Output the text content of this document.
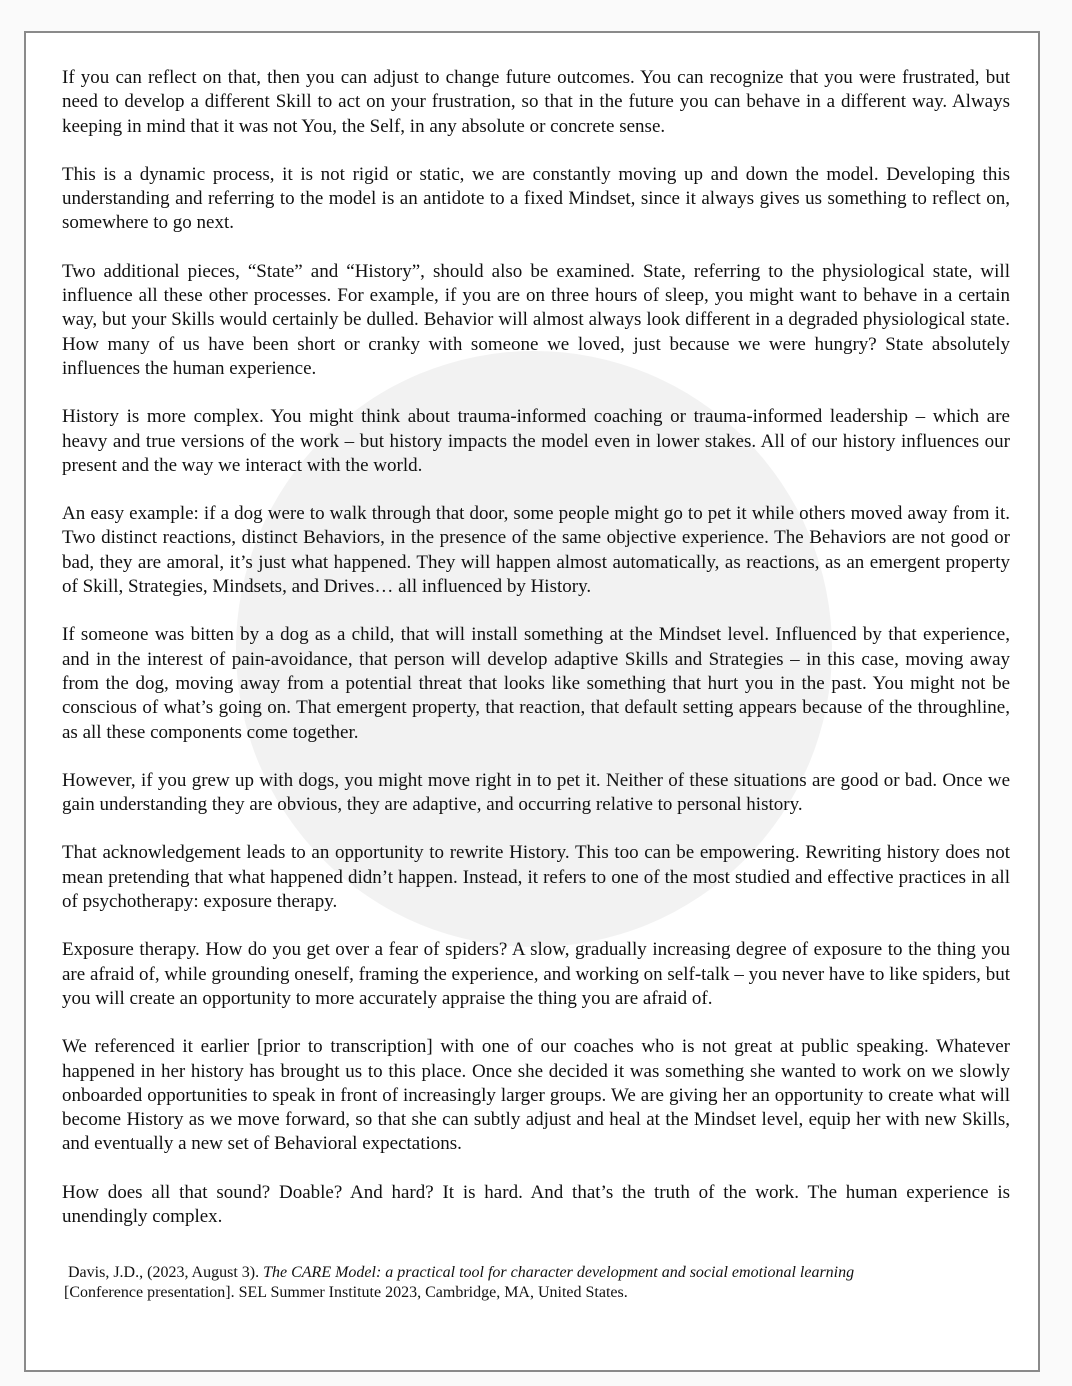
If you can reflect on that, then you can adjust to change future outcomes. You can recognize that you were frustrated, but need to develop a different Skill to act on your frustration, so that in the future you can behave in a different way. Always keeping in mind that it was not You, the Self, in any absolute or concrete sense.

This is a dynamic process, it is not rigid or static, we are constantly moving up and down the model. Developing this understanding and referring to the model is an antidote to a fixed Mindset, since it always gives us something to reflect on, somewhere to go next.

Two additional pieces, “State” and “History”, should also be examined. State, referring to the physiological state, will influence all these other processes. For example, if you are on three hours of sleep, you might want to behave in a certain way, but your Skills would certainly be dulled. Behavior will almost always look different in a degraded physiological state. How many of us have been short or cranky with someone we loved, just because we were hungry? State absolutely influences the human experience.

History is more complex. You might think about trauma-informed coaching or trauma-informed leadership – which are heavy and true versions of the work – but history impacts the model even in lower stakes. All of our history influences our present and the way we interact with the world.

An easy example: if a dog were to walk through that door, some people might go to pet it while others moved away from it. Two distinct reactions, distinct Behaviors, in the presence of the same objective experience. The Behaviors are not good or bad, they are amoral, it’s just what happened. They will happen almost automatically, as reactions, as an emergent property of Skill, Strategies, Mindsets, and Drives… all influenced by History.

If someone was bitten by a dog as a child, that will install something at the Mindset level. Influenced by that experience, and in the interest of pain-avoidance, that person will develop adaptive Skills and Strategies – in this case, moving away from the dog, moving away from a potential threat that looks like something that hurt you in the past. You might not be conscious of what’s going on. That emergent property, that reaction, that default setting appears because of the throughline, as all these components come together.

However, if you grew up with dogs, you might move right in to pet it. Neither of these situations are good or bad. Once we gain understanding they are obvious, they are adaptive, and occurring relative to personal history.

That acknowledgement leads to an opportunity to rewrite History. This too can be empowering. Rewriting history does not mean pretending that what happened didn’t happen. Instead, it refers to one of the most studied and effective practices in all of psychotherapy: exposure therapy.

Exposure therapy. How do you get over a fear of spiders? A slow, gradually increasing degree of exposure to the thing you are afraid of, while grounding oneself, framing the experience, and working on self-talk – you never have to like spiders, but you will create an opportunity to more accurately appraise the thing you are afraid of.

We referenced it earlier [prior to transcription] with one of our coaches who is not great at public speaking. Whatever happened in her history has brought us to this place. Once she decided it was something she wanted to work on we slowly onboarded opportunities to speak in front of increasingly larger groups. We are giving her an opportunity to create what will become History as we move forward, so that she can subtly adjust and heal at the Mindset level, equip her with new Skills, and eventually a new set of Behavioral expectations.

How does all that sound? Doable? And hard? It is hard. And that’s the truth of the work. The human experience is unendingly complex.

Davis, J.D., (2023, August 3). The CARE Model: a practical tool for character development and social emotional learning
[Conference presentation]. SEL Summer Institute 2023, Cambridge, MA, United States.
